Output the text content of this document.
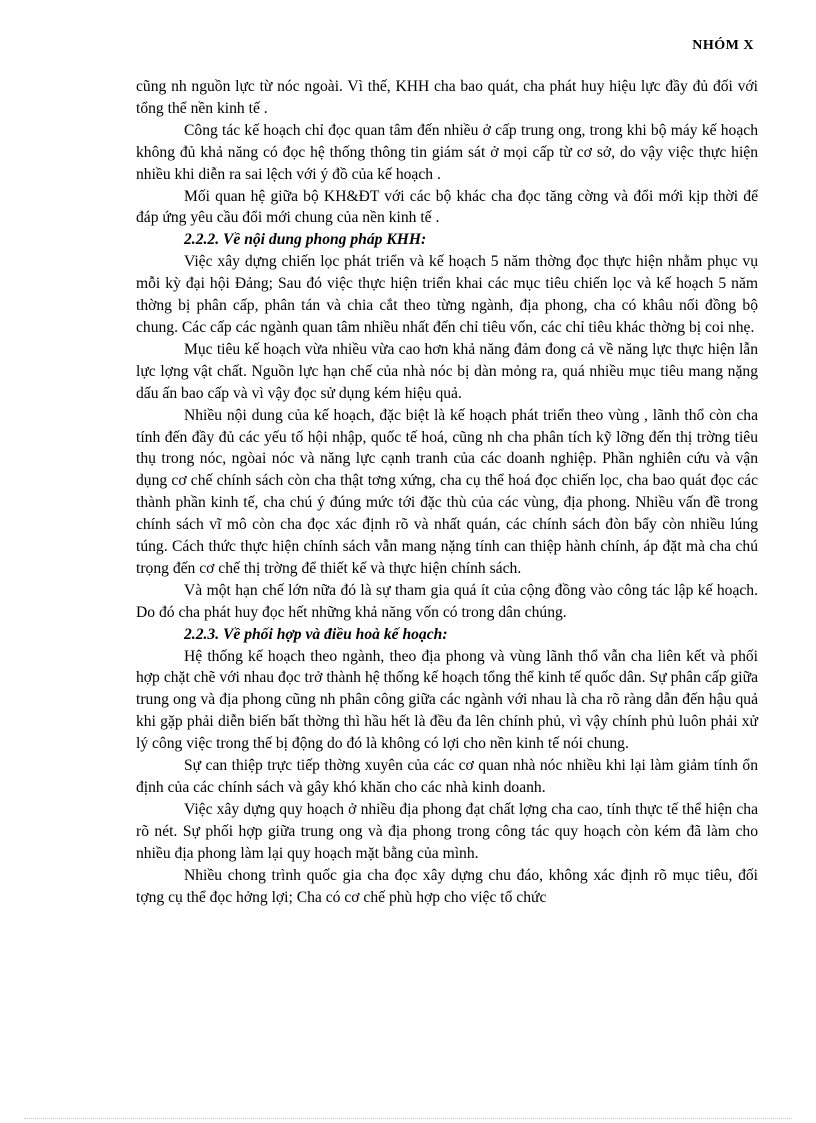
NHÓM X

cũng nh nguồn lực từ nóc ngoài. Vì thế, KHH cha bao quát, cha phát huy hiệu lực đầy đủ đối với tổng thể nền kinh tế .

Công tác kế hoạch chỉ đọc quan tâm đến nhiều ở cấp trung ong, trong khi bộ máy kế hoạch không đủ khả năng có đọc hệ thống thông tin giám sát ở mọi cấp từ cơ sở, do vậy việc thực hiện nhiều khi diễn ra sai lệch với ý đồ của kế hoạch .

Mối quan hệ giữa bộ KH&ĐT với các bộ khác cha đọc tăng cờng và đổi mới kịp thời để đáp ứng yêu cầu đổi mới chung của nền kinh tế .

2.2.2. Về nội dung phong pháp KHH:

Việc xây dựng chiến lọc phát triển và kế hoạch 5 năm thờng đọc thực hiện nhằm phục vụ mỗi kỳ đại hội Đảng; Sau đó việc thực hiện triển khai các mục tiêu chiến lọc và kế hoạch 5 năm thờng bị phân cấp, phân tán và chia cắt theo từng ngành, địa phong, cha có khâu nối đồng bộ chung. Các cấp các ngành quan tâm nhiều nhất đến chỉ tiêu vốn, các chỉ tiêu khác thờng bị coi nhẹ.

Mục tiêu kế hoạch vừa nhiều vừa cao hơn khả năng đảm đong cả về năng lực thực hiện lẫn lực lợng vật chất. Nguồn lực hạn chế của nhà nóc bị dàn mỏng ra, quá nhiều mục tiêu mang nặng dấu ấn bao cấp và vì vậy đọc sử dụng kém hiệu quả.

Nhiều nội dung của kế hoạch, đặc biệt là kế hoạch phát triển theo vùng , lãnh thổ còn cha tính đến đầy đủ các yếu tố hội nhập, quốc tế hoá, cũng nh cha phân tích kỹ lỡng đến thị trờng tiêu thụ trong nóc, ngòai nóc và năng lực cạnh tranh của các doanh nghiệp. Phần nghiên cứu và vận dụng cơ chế chính sách còn cha thật tơng xứng, cha cụ thể hoá đọc chiến lọc, cha bao quát đọc các thành phần kinh tế, cha chú ý đúng mức tới đặc thù của các vùng, địa phong. Nhiều vấn đề trong chính sách vĩ mô còn cha đọc xác định rõ và nhất quán, các chính sách đòn bẩy còn nhiều lúng túng. Cách thức thực hiện chính sách vẫn mang nặng tính can thiệp hành chính, áp đặt mà cha chú trọng đến cơ chế thị trờng để thiết kế và thực hiện chính sách.

Và một hạn chế lớn nữa đó là sự tham gia quá ít của cộng đồng vào công tác lập kế hoạch. Do đó cha phát huy đọc hết những khả năng vốn có trong dân chúng.

2.2.3. Về phối hợp và điều hoà kế hoạch:

Hệ thống kế hoạch theo ngành, theo địa phong và vùng lãnh thổ vẫn cha liên kết và phối hợp chặt chẽ với nhau đọc trở thành hệ thống kế hoạch tổng thể kinh tế quốc dân. Sự phân cấp giữa trung ong và địa phong cũng nh phân công giữa các ngành với nhau là cha rõ ràng dẫn đến hậu quả khi gặp phải diễn biến bất thờng thì hầu hết là đều đa lên chính phủ, vì vậy chính phủ luôn phải xử lý công việc trong thế bị động do đó là không có lợi cho nền kinh tế nói chung.

Sự can thiệp trực tiếp thờng xuyên của các cơ quan nhà nóc nhiều khi lại làm giảm tính ổn định của các chính sách và gây khó khăn cho các nhà kinh doanh.

Việc xây dựng quy hoạch ở nhiều địa phong đạt chất lợng cha cao, tính thực tế thể hiện cha rõ nét. Sự phối hợp giữa trung ong và địa phong trong công tác quy hoạch còn kém đã làm cho nhiều địa phong làm lại quy hoạch mặt bằng của mình.

Nhiều chong trình quốc gia cha đọc xây dựng chu đáo, không xác định rõ mục tiêu, đối tợng cụ thể đọc hởng lợi; Cha có cơ chế phù hợp cho việc tổ chức
